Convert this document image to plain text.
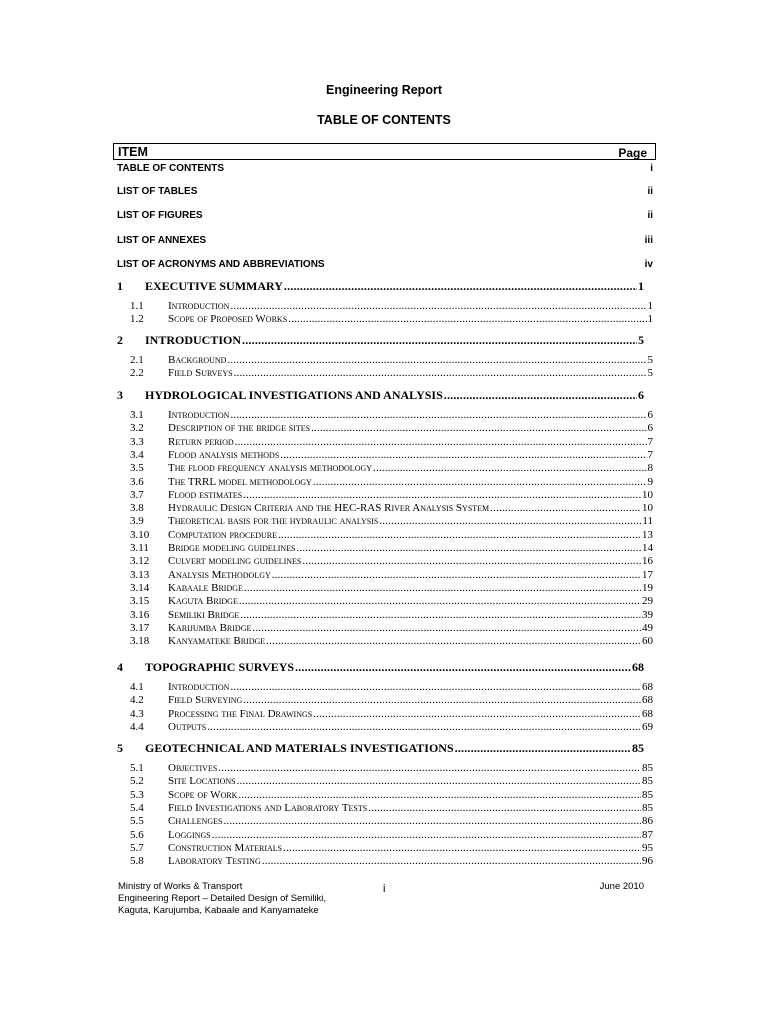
Engineering Report
TABLE OF CONTENTS
ITEM	Page
TABLE OF CONTENTS	i
LIST OF TABLES	ii
LIST OF FIGURES	ii
LIST OF ANNEXES	iii
LIST OF ACRONYMS AND ABBREVIATIONS	iv
1	EXECUTIVE SUMMARY .....	1
1.1	Introduction .....	1
1.2	Scope of Proposed Works .....	1
2	INTRODUCTION .....	5
2.1	Background .....	5
2.2	Field Surveys .....	5
3	HYDROLOGICAL INVESTIGATIONS AND ANALYSIS .....	6
3.1	Introduction .....	6
3.2	Description of the bridge sites .....	6
3.3	Return period .....	7
3.4	Flood analysis methods .....	7
3.5	The flood frequency analysis methodology .....	8
3.6	The TRRL model methodology .....	9
3.7	Flood estimates .....	10
3.8	Hydraulic Design Criteria and the HEC-RAS River Analysis System .....	10
3.9	Theoretical basis for the hydraulic analysis .....	11
3.10	Computation procedure .....	13
3.11	Bridge modeling guidelines .....	14
3.12	Culvert modeling guidelines .....	16
3.13	Analysis Methodolgy .....	17
3.14	Kabaale Bridge .....	19
3.15	Kaguta Bridge .....	29
3.16	Semiliki Bridge .....	39
3.17	Karijumba Bridge .....	49
3.18	Kanyamateke Bridge .....	60
4	TOPOGRAPHIC SURVEYS .....	68
4.1	Introduction .....	68
4.2	Field Surveying .....	68
4.3	Processing the Final Drawings .....	68
4.4	Outputs .....	69
5	GEOTECHNICAL AND MATERIALS INVESTIGATIONS .....	85
5.1	Objectives .....	85
5.2	Site Locations .....	85
5.3	Scope of Work .....	85
5.4	Field Investigations and Laboratory Tests .....	85
5.5	Challenges .....	86
5.6	Loggings .....	87
5.7	Construction Materials .....	95
5.8	Laboratory Testing .....	96
Ministry of Works & Transport
Engineering Report – Detailed Design of Semiliki,
Kaguta, Karujumba, Kabaale and Kanyamateke
i	June 2010
